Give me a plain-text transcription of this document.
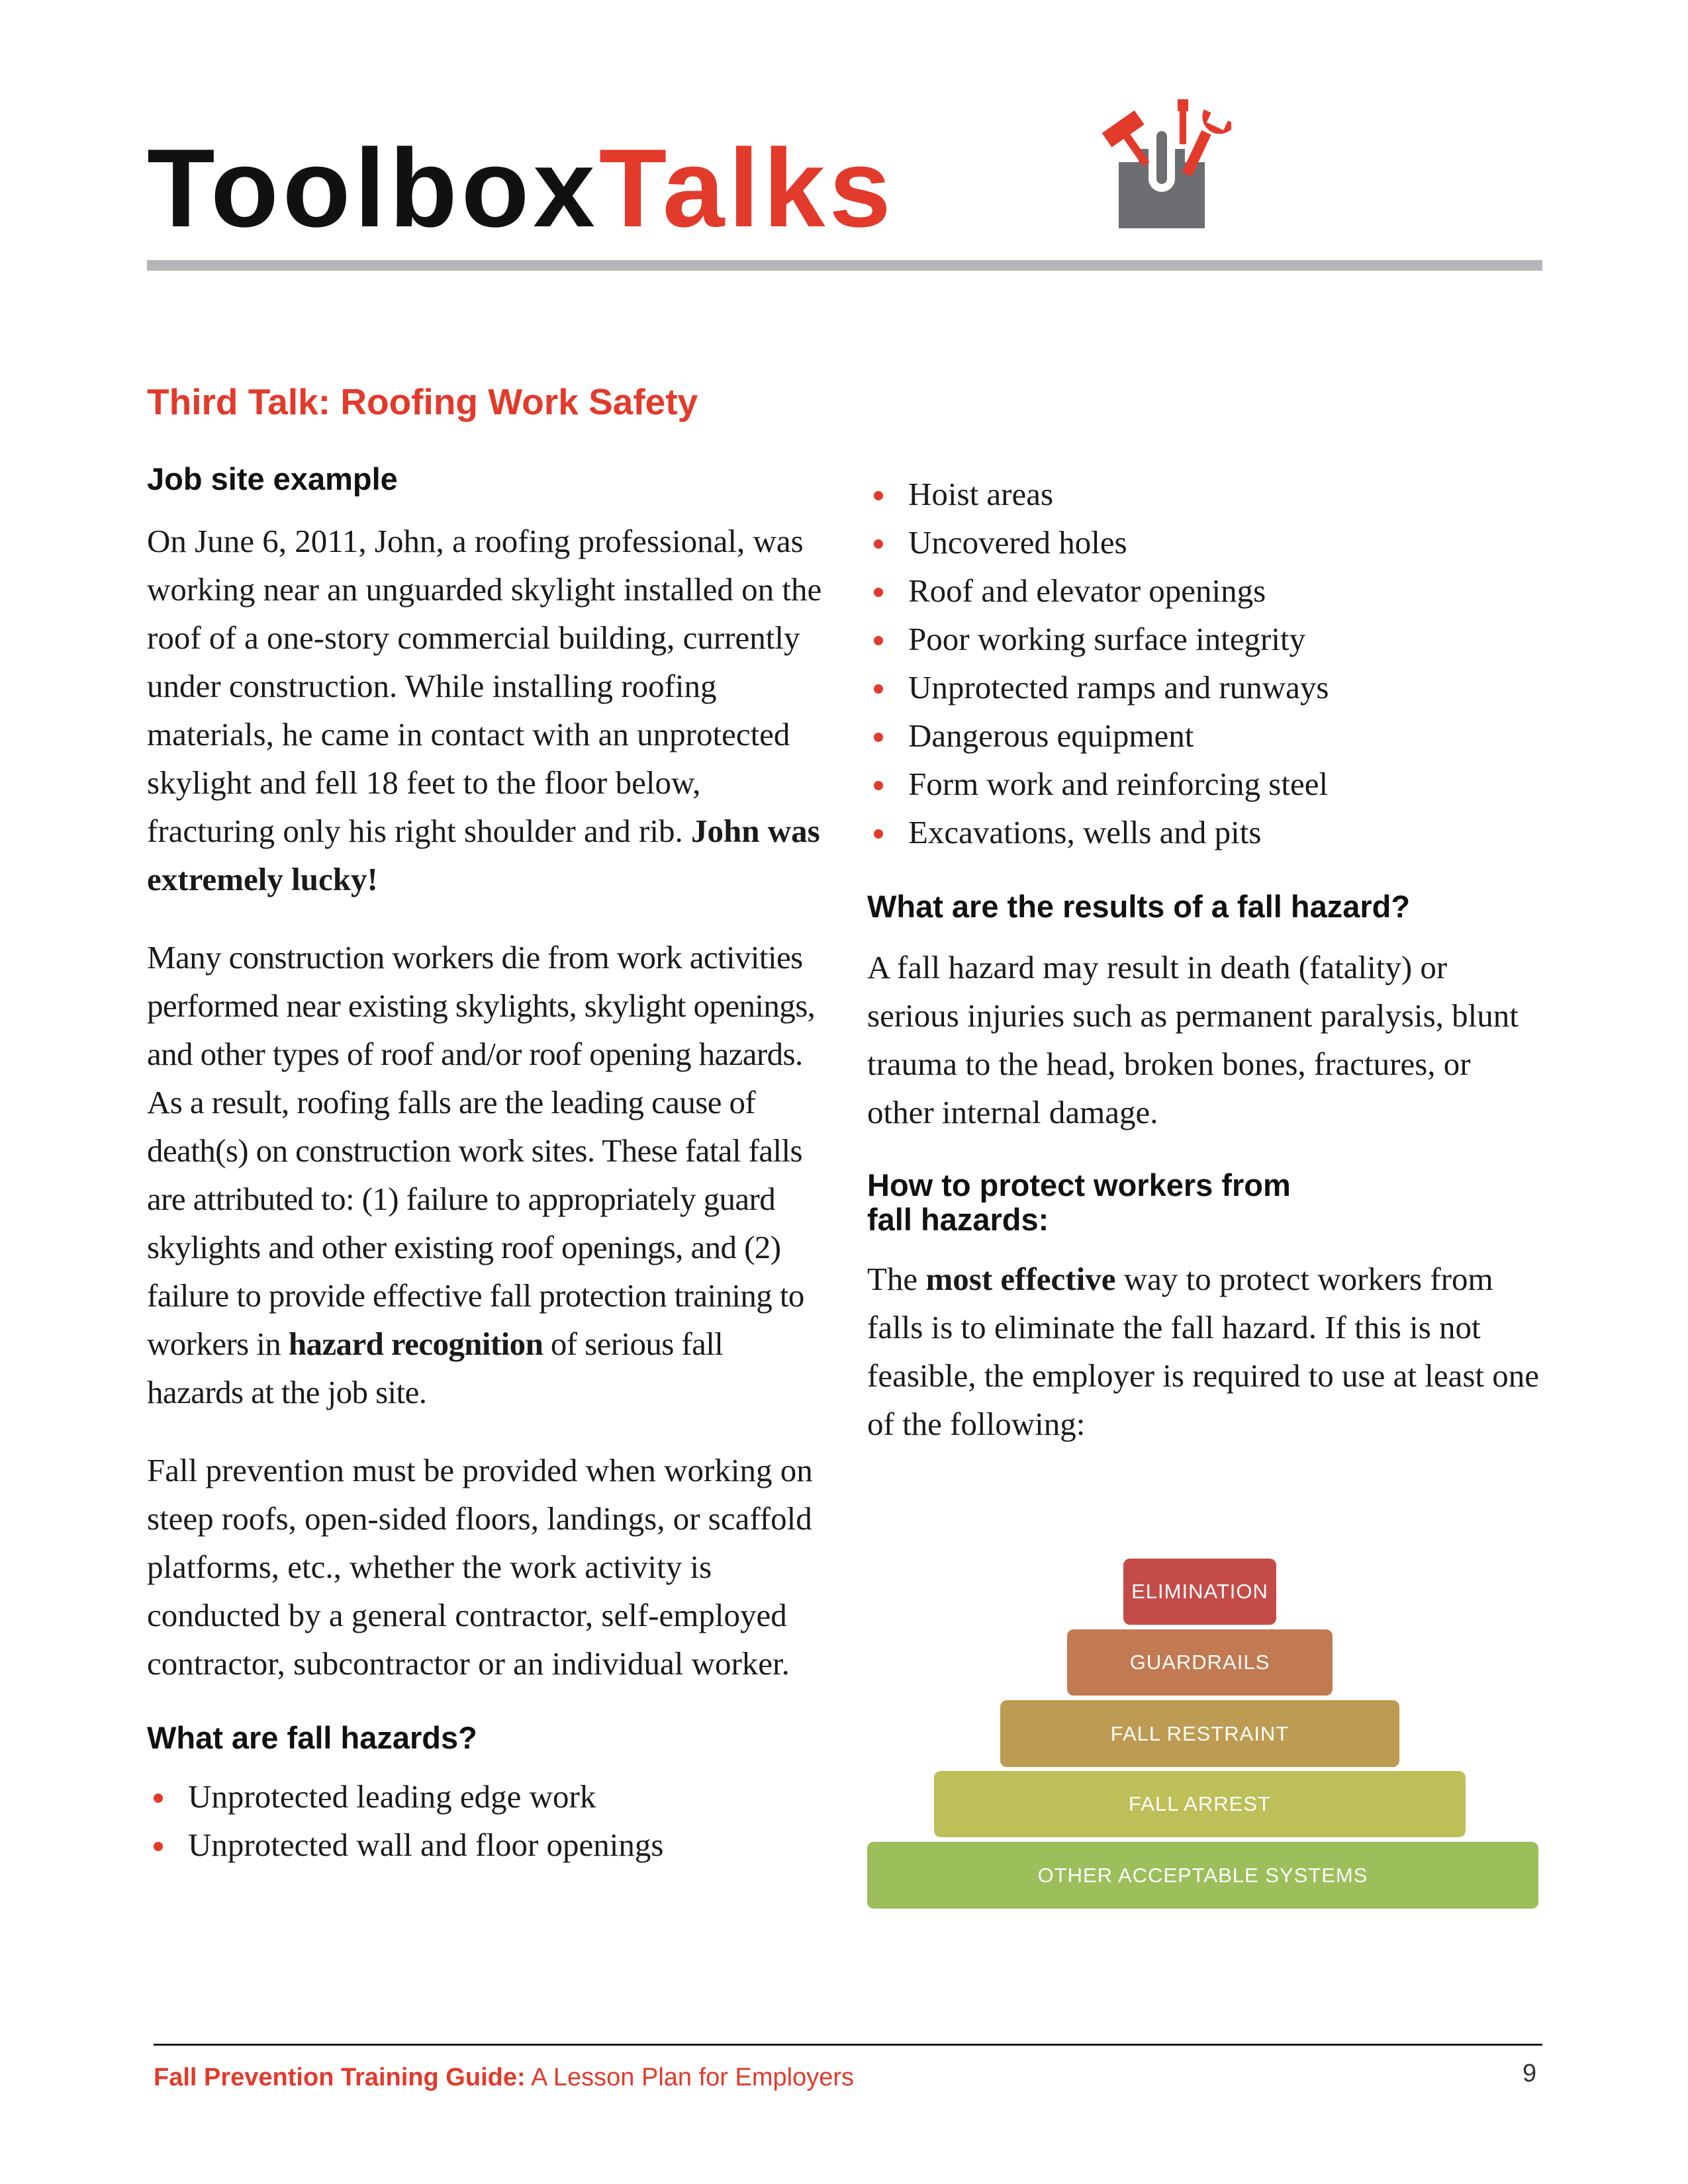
ToolboxTalks
Third Talk: Roofing Work Safety
Job site example

On June 6, 2011, John, a roofing professional, was working near an unguarded skylight installed on the roof of a one-story commercial building, currently under construction. While installing roofing materials, he came in contact with an unprotected skylight and fell 18 feet to the floor below, fracturing only his right shoulder and rib. John was extremely lucky!

Many construction workers die from work activities performed near existing skylights, skylight openings, and other types of roof and/or roof opening hazards. As a result, roofing falls are the leading cause of death(s) on construction work sites. These fatal falls are attributed to: (1) failure to appropriately guard skylights and other existing roof openings, and (2) failure to provide effective fall protection training to workers in hazard recognition of serious fall hazards at the job site.

Fall prevention must be provided when working on steep roofs, open-sided floors, landings, or scaffold platforms, etc., whether the work activity is conducted by a general contractor, self-employed contractor, subcontractor or an individual worker.

What are fall hazards?
Unprotected leading edge work
Unprotected wall and floor openings
Hoist areas
Uncovered holes
Roof and elevator openings
Poor working surface integrity
Unprotected ramps and runways
Dangerous equipment
Form work and reinforcing steel
Excavations, wells and pits
What are the results of a fall hazard?

A fall hazard may result in death (fatality) or serious injuries such as permanent paralysis, blunt trauma to the head, broken bones, fractures, or other internal damage.

How to protect workers from
fall hazards:

The most effective way to protect workers from falls is to eliminate the fall hazard. If this is not feasible, the employer is required to use at least one of the following:

ELIMINATION
GUARDRAILS
FALL RESTRAINT
FALL ARREST
OTHER ACCEPTABLE SYSTEMS
Fall Prevention Training Guide: A Lesson Plan for Employers	9
